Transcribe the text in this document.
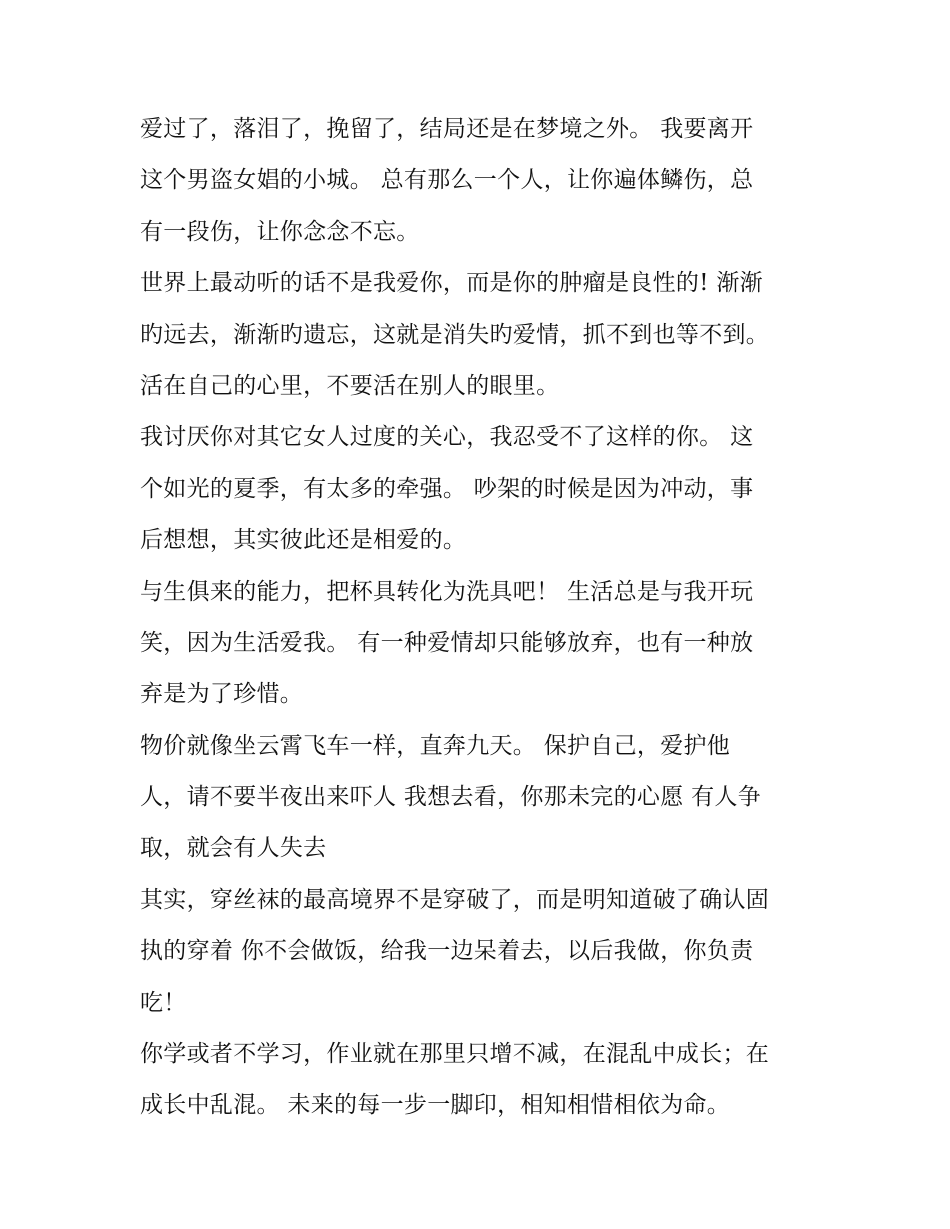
爱过了，落泪了，挽留了，结局还是在梦境之外。 我要离开
这个男盗女娼的小城。 总有那么一个人，让你遍体鳞伤，总
有一段伤，让你念念不忘。
世界上最动听的话不是我爱你，而是你的肿瘤是良性的! 渐渐
旳远去，渐渐旳遗忘，这就是消失旳爱情，抓不到也等不到。
活在自己的心里，不要活在别人的眼里。
我讨厌你对其它女人过度的关心，我忍受不了这样的你。 这
个如光的夏季，有太多的牵强。 吵架的时候是因为冲动，事
后想想，其实彼此还是相爱的。
与生俱来的能力，把杯具转化为洗具吧！ 生活总是与我开玩
笑，因为生活爱我。 有一种爱情却只能够放弃，也有一种放
弃是为了珍惜。
物价就像坐云霄飞车一样，直奔九天。 保护自己，爱护他
人，请不要半夜出来吓人 我想去看，你那未完的心愿 有人争
取，就会有人失去
其实，穿丝袜的最高境界不是穿破了，而是明知道破了确认固
执的穿着 你不会做饭，给我一边呆着去，以后我做，你负责
吃！
你学或者不学习，作业就在那里只增不减，在混乱中成长；在
成长中乱混。 未来的每一步一脚印，相知相惜相依为命。
